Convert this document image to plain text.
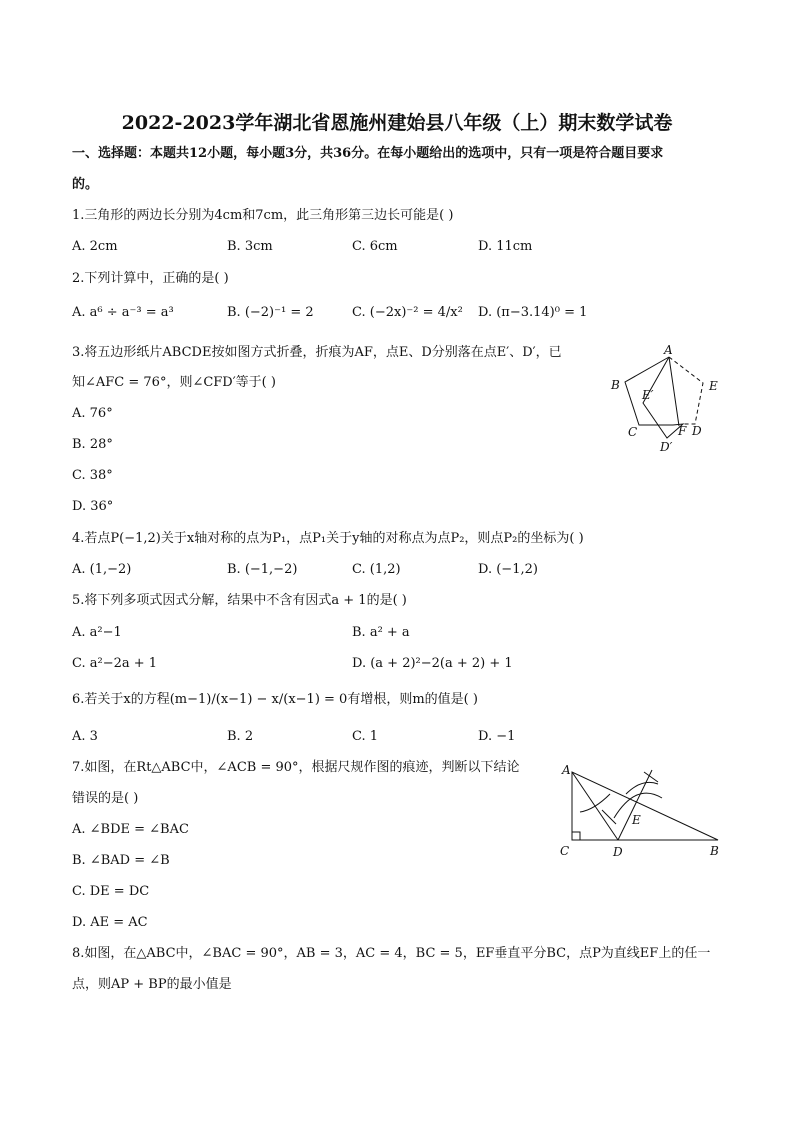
2022-2023学年湖北省恩施州建始县八年级（上）期末数学试卷
一、选择题：本题共12小题，每小题3分，共36分。在每小题给出的选项中，只有一项是符合题目要求
的。
1.三角形的两边长分别为4cm和7cm，此三角形第三边长可能是( )
A. 2cm	B. 3cm	C. 6cm	D. 11cm
2.下列计算中，正确的是( )
A. a⁶ ÷ a⁻³ = a³	B. (−2)⁻¹ = 2	C. (−2x)⁻² = 4/x² D. (π−3.14)⁰ = 1
3.将五边形纸片ABCDE按如图方式折叠，折痕为AF，点E、D分别落在点E′、D′，已
知∠AFC = 76°，则∠CFD′等于( )
A. 76°
B. 28°
C. 38°
D. 36°
A
B
C	D
E
E′
F
D′
4.若点P(−1,2)关于x轴对称的点为P₁，点P₁关于y轴的对称点为点P₂，则点P₂的坐标为( )
A. (1,−2)	B. (−1,−2)	C. (1,2)	D. (−1,2)
5.将下列多项式因式分解，结果中不含有因式a + 1的是( )
A. a²−1	B. a² + a
C. a²−2a + 1	D. (a + 2)²−2(a + 2) + 1
6.若关于x的方程(m−1)/(x−1) − x/(x−1) = 0有增根，则m的值是( )
A. 3	B. 2	C. 1	D. −1
7.如图，在Rt△ABC中，∠ACB = 90°，根据尺规作图的痕迹，判断以下结论
错误的是( )
A. ∠BDE = ∠BAC
B. ∠BAD = ∠B
C. DE = DC
D. AE = AC
A
C	D	B
E
8.如图，在△ABC中，∠BAC = 90°，AB = 3，AC = 4，BC = 5，EF垂直平分BC，点P为直线EF上的任一
点，则AP + BP的最小值是
